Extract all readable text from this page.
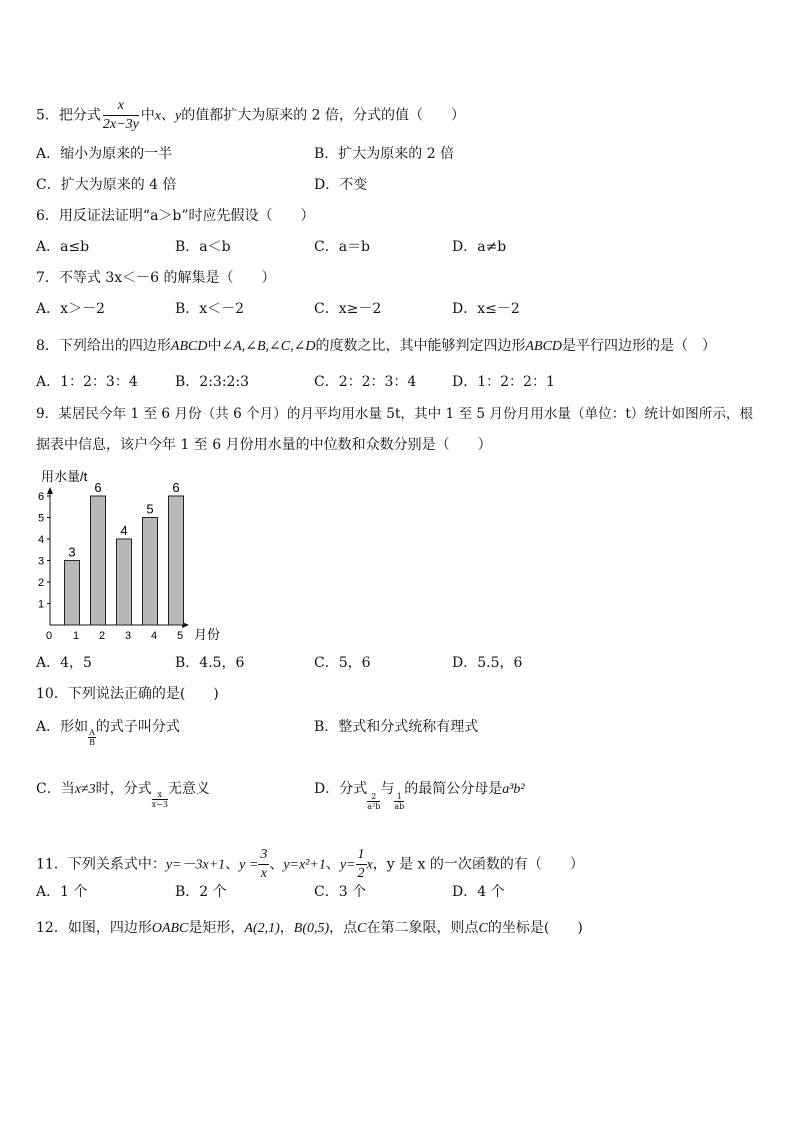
5．把分式 $\frac{x}{2x-3y}$ 中x、y的值都扩大为原来的 2 倍，分式的值（　　）
A．缩小为原来的一半	B．扩大为原来的 2 倍
C．扩大为原来的 4 倍	D．不变
6．用反证法证明“a＞b”时应先假设（　　）
A．a≤b	B．a＜b	C．a＝b	D．a≠b
7．不等式 3x＜－6 的解集是（　　）
A．x＞－2	B．x＜－2	C．x≥－2	D．x≤－2
8．下列给出的四边形ABCD中∠A,∠B,∠C,∠D的度数之比，其中能够判定四边形ABCD是平行四边形的是（　）
A．1：2：3：4	B．2:3:2:3	C．2：2：3：4	D．1：2：2：1
9．某居民今年 1 至 6 月份（共 6 个月）的月平均用水量 5t，其中 1 至 5 月份月用水量（单位：t）统计如图所示，根
据表中信息，该户今年 1 至 6 月份用水量的中位数和众数分别是（　　）
用水量/t
月份
0
1
2
3
4
5
6
3
1
6
2
4
3
5
4
6
5
A．4，5	B．4.5，6	C．5，6	D．5.5，6
10．下列说法正确的是(　　)
A．形如
$\frac{A}{B}$
的式子叫分式	B．整式和分式统称有理式
C．当x≠3时，分式
$\frac{x}{x-3}$
无意义	D．分式
$\frac{2}{\text{a²b}}$
与
$\frac{1}{ab}$
的最简公分母是a³b²
11．下列关系式中：y=－3x+1、$y = \frac{3}{x}$ 、y=x²+1、$y= \frac{1}{2}$ x，y 是 x 的一次函数的有（　　）
A．1 个	B．2 个	C．3 个	D．4 个
12．如图，四边形OABC是矩形，A(2,1)，B(0,5)，点C在第二象限，则点C的坐标是(　　)
